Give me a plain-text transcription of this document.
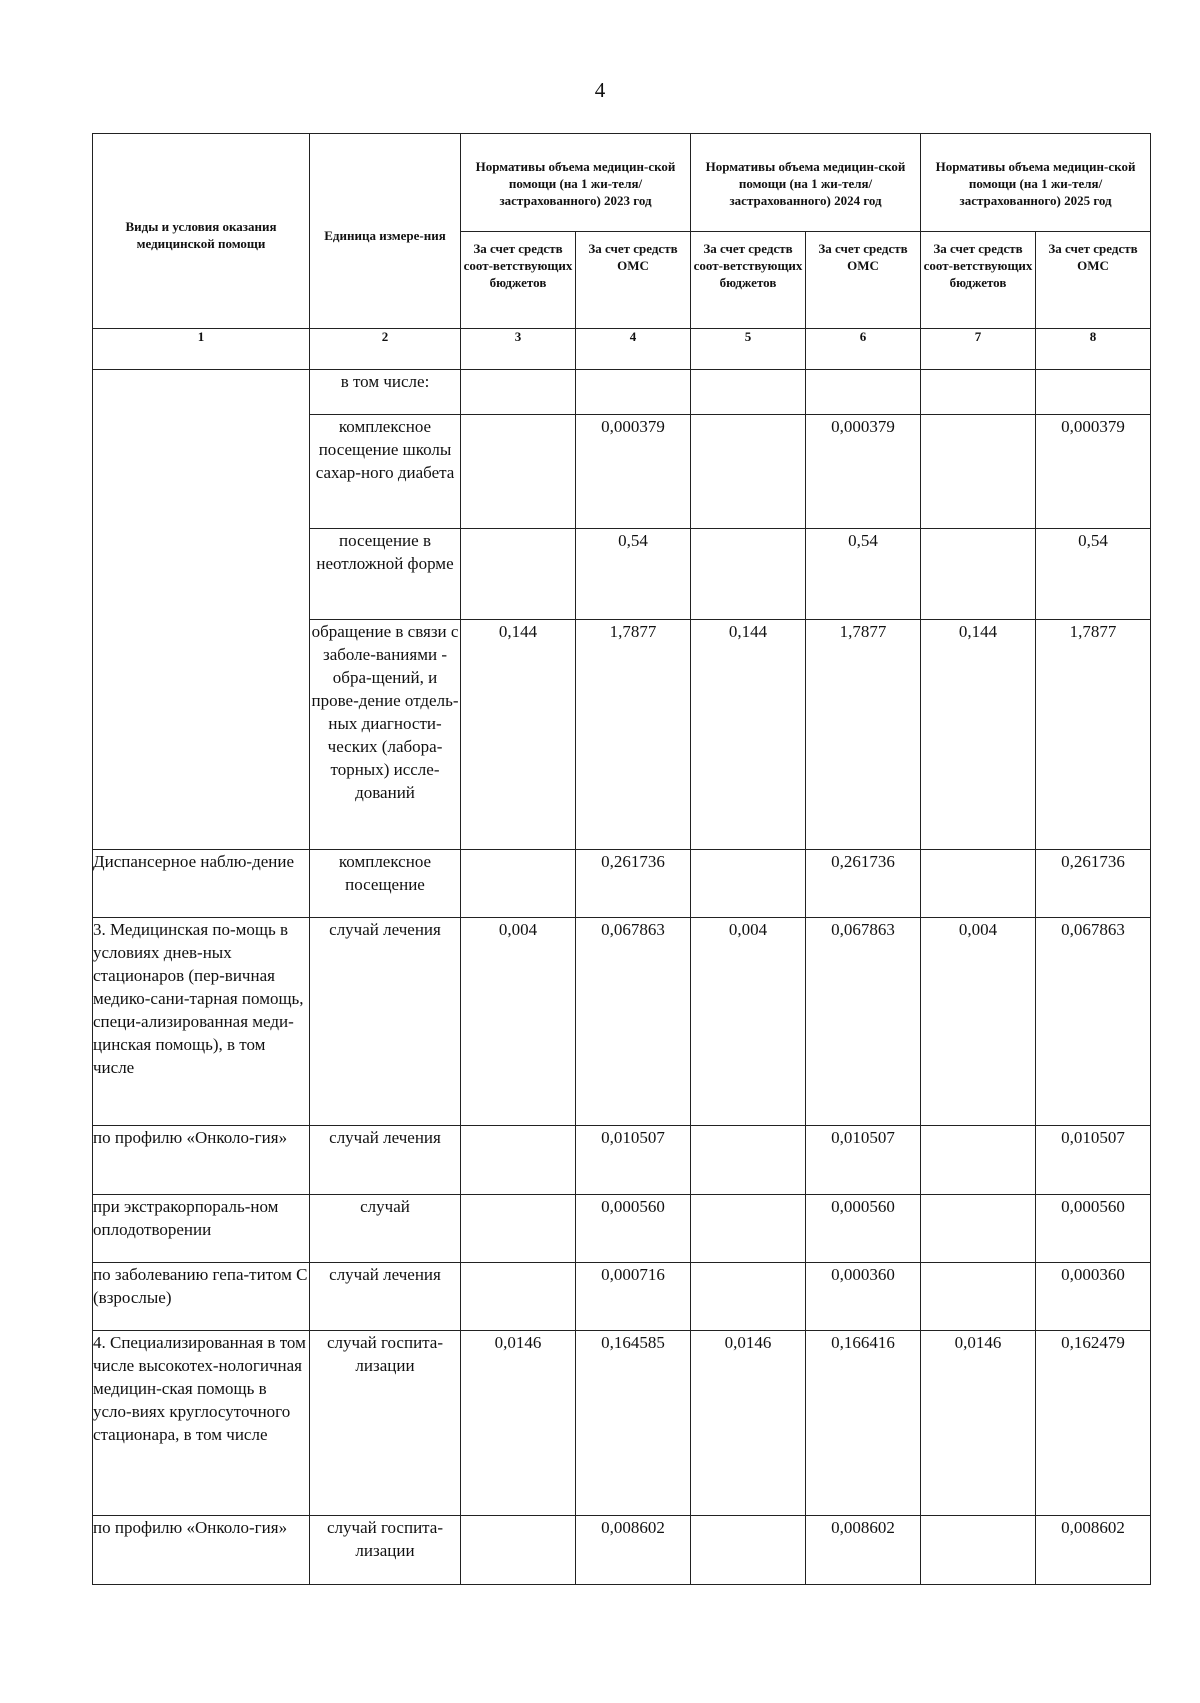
4
Виды и условия оказания медицинской помощи	Единица измере-ния	Нормативы объема медицин-ской помощи (на 1 жи-теля/застрахованного) 2023 год		Нормативы объема медицин-ской помощи (на 1 жи-теля/застрахованного) 2024 год		Нормативы объема медицин-ской помощи (на 1 жи-теля/застрахованного) 2025 год	
		За счет средств соот-ветствующих бюджетов	За счет средств ОМС	За счет средств соот-ветствующих бюджетов	За счет средств ОМС	За счет средств соот-ветствующих бюджетов	За счет средств ОМС
1	2	3	4	5	6	7	8
	в том числе:						
	комплексное посещение школы сахар-ного диабета		0,000379		0,000379		0,000379
	посещение в неотложной форме		0,54		0,54		0,54
	обращение в связи с заболе-ваниями - обра-щений, и прове-дение отдель-ных диагности-ческих (лабора-торных) иссле-дований	0,144	1,7877	0,144	1,7877	0,144	1,7877
Диспансерное наблю-дение	комплексное посещение		0,261736		0,261736		0,261736
3. Медицинская по-мощь в условиях днев-ных стационаров (пер-вичная медико-сани-тарная помощь, специ-ализированная меди-цинская помощь), в том числе	случай лечения	0,004	0,067863	0,004	0,067863	0,004	0,067863
по профилю «Онколо-гия»	случай лечения		0,010507		0,010507		0,010507
при экстракорпораль-ном оплодотворении	случай		0,000560		0,000560		0,000560
по заболеванию гепа-титом С (взрослые)	случай лечения		0,000716		0,000360		0,000360
4. Специализированная в том числе высокотех-нологичная медицин-ская помощь в усло-виях круглосуточного стационара, в том числе	случай госпита-лизации	0,0146	0,164585	0,0146	0,166416	0,0146	0,162479
по профилю «Онколо-гия»	случай госпита-лизации		0,008602		0,008602		0,008602
